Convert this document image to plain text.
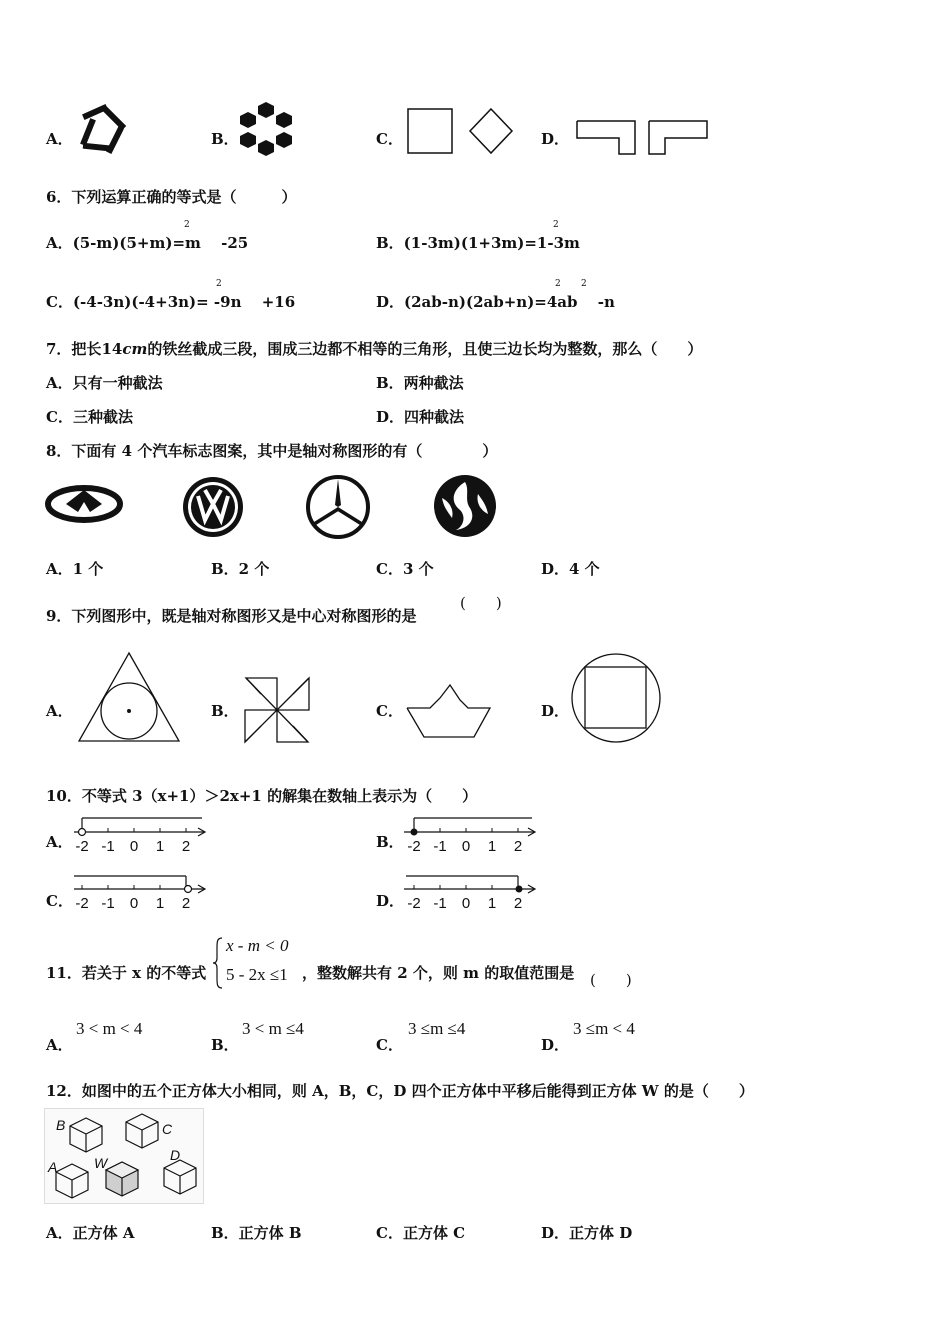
A．	B．	C．	D．
6．下列运算正确的等式是（　　　）
A．(5-m)(5+m)=m　 -25
2
B．(1-3m)(1+3m)=1-3m
2
C．(-4-3n)(-4+3n)= -9n　 +16
2
D．(2ab-n)(2ab+n)=4ab　 -n
2 2
7．把长14cm的铁丝截成三段，围成三边都不相等的三角形，且使三边长均为整数，那么（　　）
A．只有一种截法	B．两种截法
C．三种截法	D．四种截法
8．下面有 4 个汽车标志图案，其中是轴对称图形的有（　　　　）
A．1 个	B．2 个	C．3 个	D．4 个
9．下列图形中，既是轴对称图形又是中心对称图形的是
(　　)
A．	B．	C．	D．
10．不等式 3（x+1）＞2x+1 的解集在数轴上表示为（　　）
A． -2 -1 0 1 2	B． -2 -1 0 1 2
C． -2 -1 0 1 2	D． -2 -1 0 1 2
11．若关于 x 的不等式
x - m < 0
5 - 2x ≤1 ，整数解共有 2 个，则 m 的取值范围是 (　　)
A．
3 < m < 4
B．
3 < m ≤4
C．
3 ≤m ≤4
D．
3 ≤m < 4
12．如图中的五个正方体大小相同，则 A，B，C，D 四个正方体中平移后能得到正方体 W 的是（　　）
A
B	C
D
W
A．正方体 A	B．正方体 B	C．正方体 C	D．正方体 D
